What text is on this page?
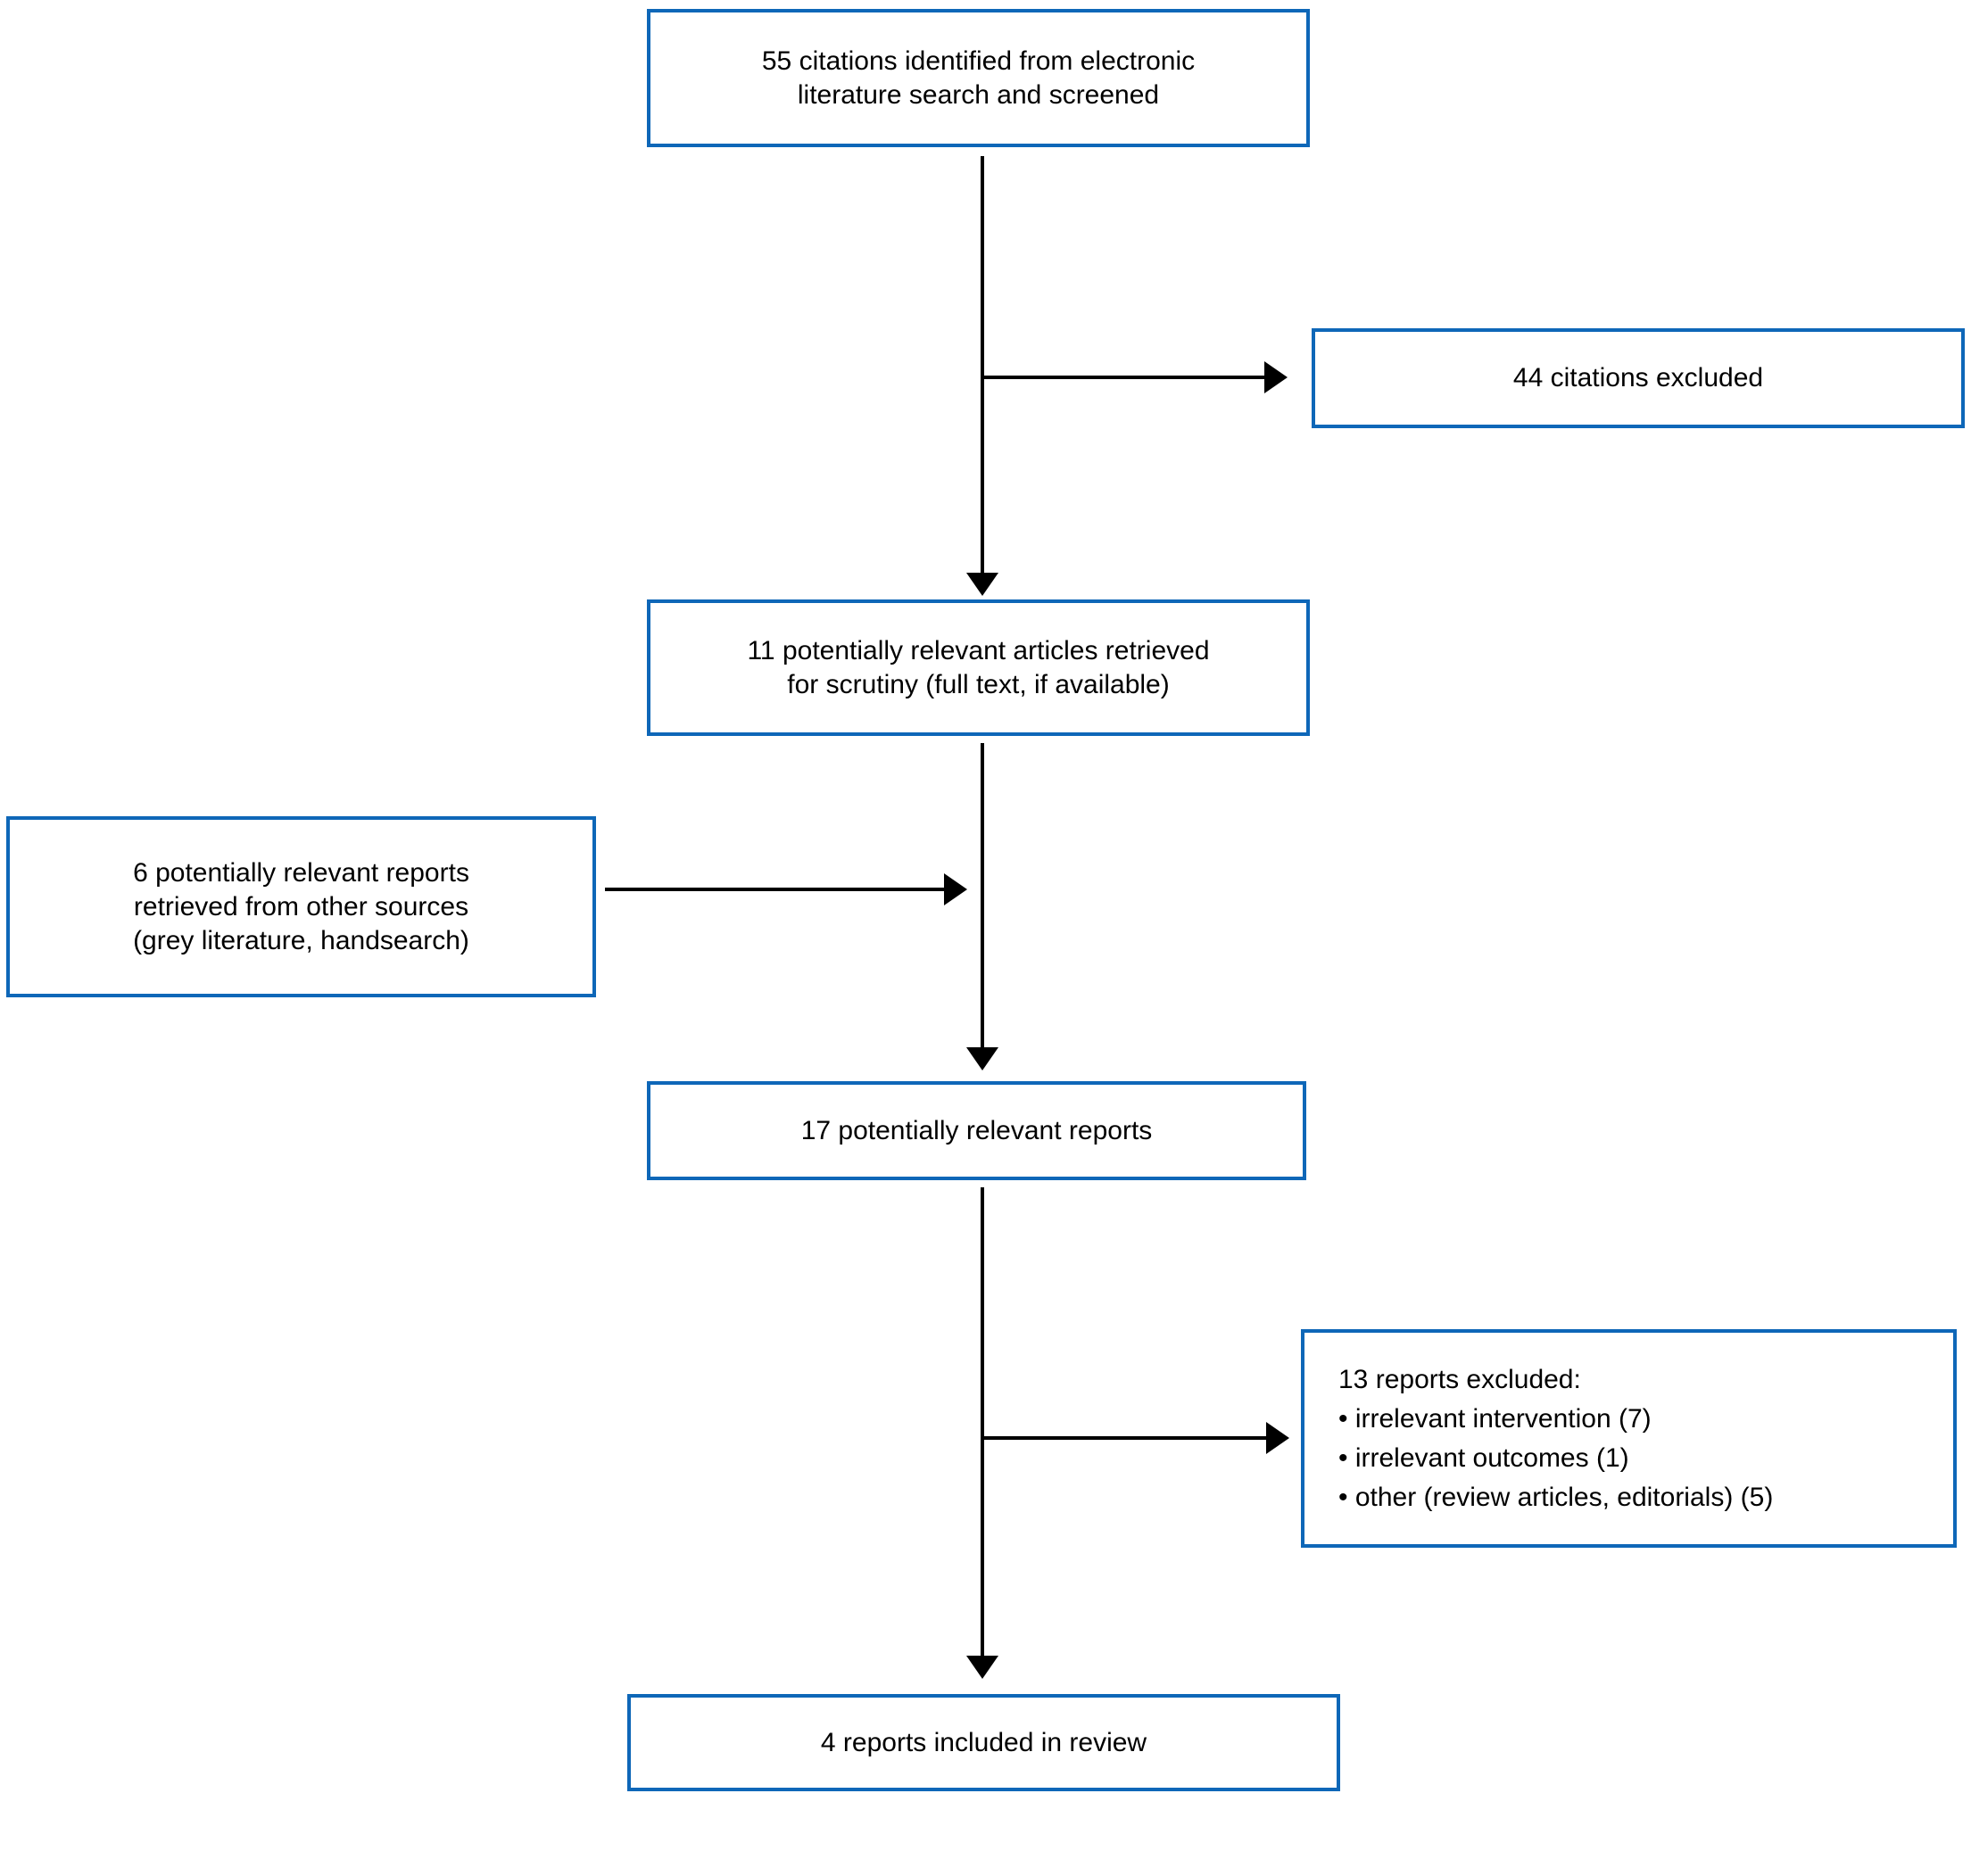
55 citations identified from electronic
literature search and screened
44 citations excluded
11 potentially relevant articles retrieved
for scrutiny (full text, if available)
6 potentially relevant reports
retrieved from other sources
(grey literature, handsearch)
17 potentially relevant reports
13 reports excluded:
• irrelevant intervention (7)
• irrelevant outcomes (1)
• other (review articles, editorials) (5)
4 reports included in review
